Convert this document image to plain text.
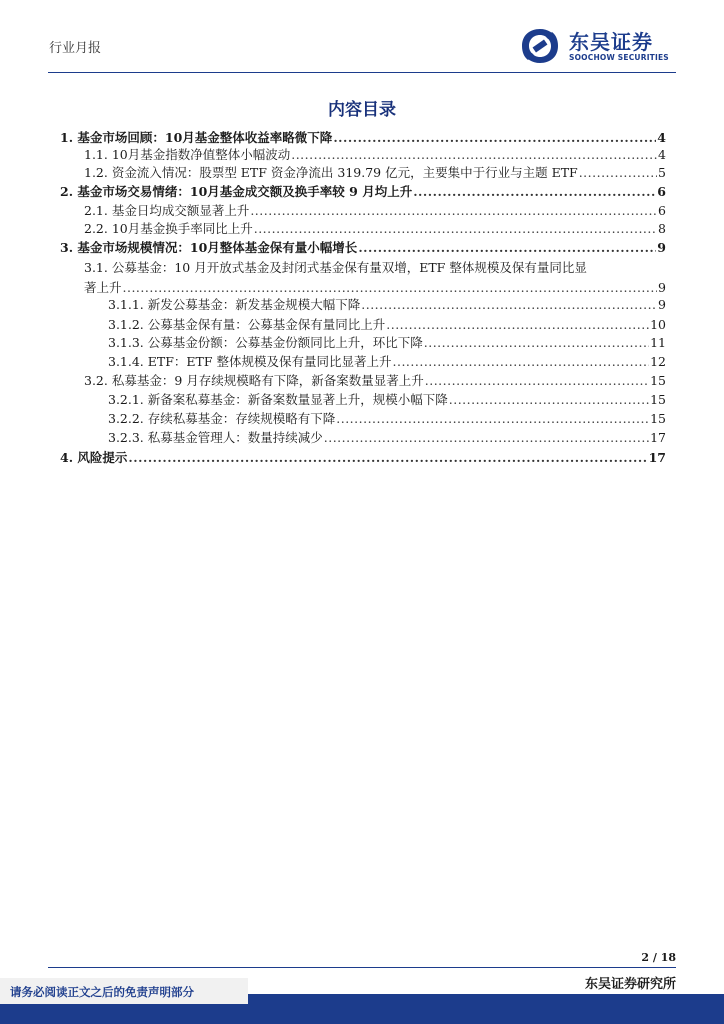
行业月报	东吴证券
SOOCHOW SECURITIES
内容目录
1. 基金市场回顾：10月基金整体收益率略微下降 .....	4
1.1. 10月基金指数净值整体小幅波动 .....	4
1.2. 资金流入情况：股票型 ETF 资金净流出 319.79 亿元，主要集中于行业与主题 ETF .....	5
2. 基金市场交易情绪：10月基金成交额及换手率较 9 月均上升 .....	6
2.1. 基金日均成交额显著上升 .....	6
2.2. 10月基金换手率同比上升 .....	8
3. 基金市场规模情况：10月整体基金保有量小幅增长 .....	9
3.1. 公募基金：10 月开放式基金及封闭式基金保有量双增，ETF 整体规模及保有量同比显
著上升 .....	9
3.1.1. 新发公募基金：新发基金规模大幅下降 .....	9
3.1.2. 公募基金保有量：公募基金保有量同比上升 .....	10
3.1.3. 公募基金份额：公募基金份额同比上升，环比下降 .....	11
3.1.4. ETF：ETF 整体规模及保有量同比显著上升 .....	12
3.2. 私募基金：9 月存续规模略有下降，新备案数量显著上升 .....	15
3.2.1. 新备案私募基金：新备案数量显著上升，规模小幅下降 .....	15
3.2.2. 存续私募基金：存续规模略有下降 .....	15
3.2.3. 私募基金管理人：数量持续减少 .....	17
4. 风险提示 .....	17
2 / 18
东吴证券研究所
请务必阅读正文之后的免责声明部分
